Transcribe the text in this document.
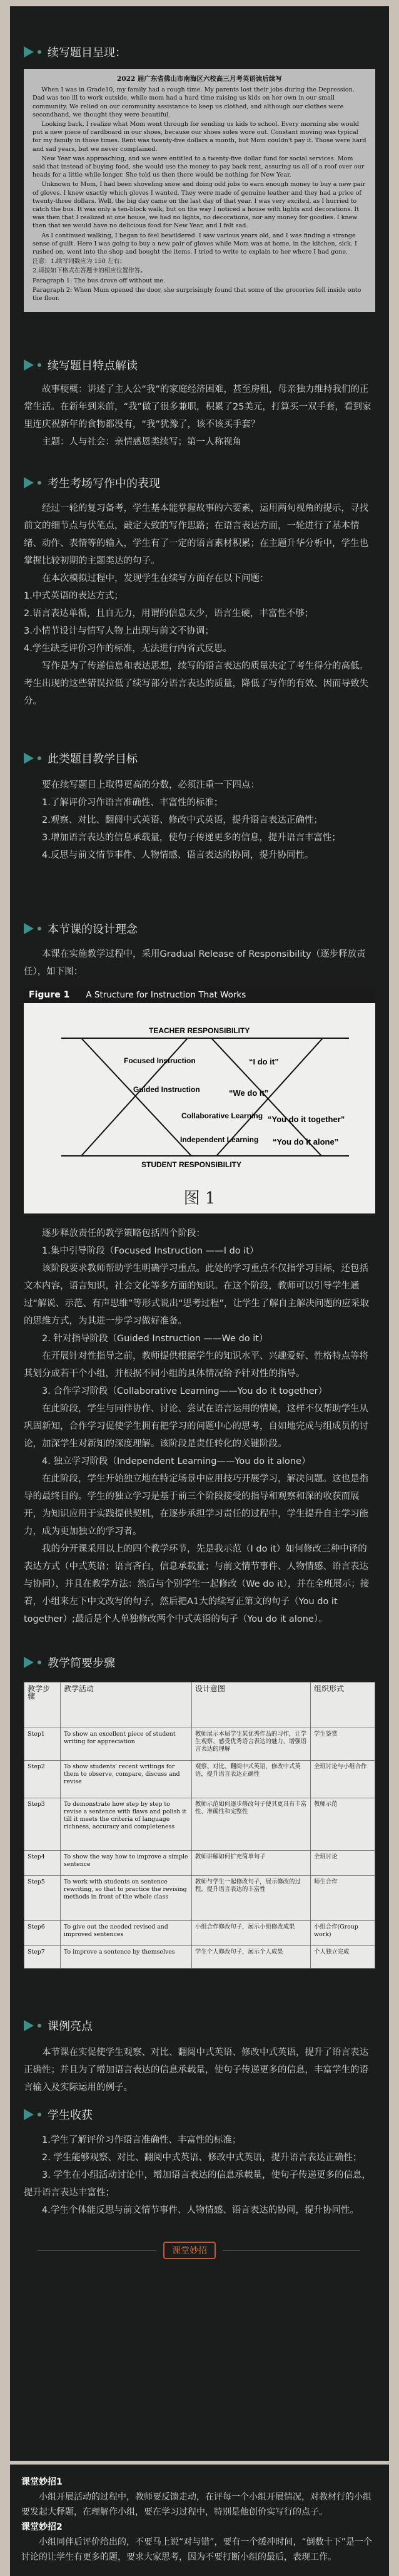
续写题目呈现：
2022 届广东省佛山市南海区六校高三月考英语读后续写

When I was in Grade10, my family had a rough time. My parents lost their jobs during the Depression. Dad was too ill to work outside, while mom had a hard time raising us kids on her own in our small community. We relied on our community assistance to keep us clothed, and although our clothes were secondhand, we thought they were beautiful.

Looking back, I realize what Mom went through for sending us kids to school. Every morning she would put a new piece of cardboard in our shoes, because our shoes soles wore out. Constant moving was typical for my family in those times. Rent was twenty-five dollars a month, but Mom couldn't pay it. Those were hard and sad years, but we never complained.

New Year was approaching, and we were entitled to a twenty-five dollar fund for social services. Mom said that instead of buying food, she would use the money to pay back rent, assuring us all of a roof over our heads for a little while longer. She told us then there would be nothing for New Year.

Unknown to Mom, I had been shoveling snow and doing odd jobs to earn enough money to buy a new pair of gloves. I knew exactly which gloves I wanted. They were made of genuine leather and they had a price of twenty-three dollars. Well, the big day came on the last day of that year. I was very excited, as I hurried to catch the bus. It was only a ten-block walk, but on the way I noticed a house with lights and decorations. It was then that I realized at one house, we had no lights, no decorations, nor any money for goodies. I knew then that we would have no delicious food for New Year, and I felt sad.

As I continued walking, I began to feel bewildered. I saw various years old, and I was finding a strange sense of guilt. Here I was going to buy a new pair of gloves while Mom was at home, in the kitchen, sick. I rushed on, went into the shop and bought the items. I tried to write to explain to her where I had gone.

注意：1.续写词数应为 150 左右；

2.请按如下格式在答题卡的相应位置作答。

Paragraph 1: The bus drove off without me.

Paragraph 2: When Mum opened the door, she surprisingly found that some of the groceries fell inside onto the floor.

续写题目特点解读

故事梗概：讲述了主人公“我”的家庭经济困难，甚至房租，母亲独力维持我们的正常生活。在新年到来前，“我”做了很多兼职，积累了25美元，打算买一双手套，看到家里连庆祝新年的食物都没有，“我”犹豫了，该不该买手套？

主题：人与社会：亲情感恩类续写；第一人称视角

考生考场写作中的表现

经过一轮的复习备考，学生基本能掌握故事的六要素，运用两句视角的提示，寻找前文的细节点与伏笔点，敲定大致的写作思路；在语言表达方面，一轮进行了基本情绪、动作、表情等的输入，学生有了一定的语言素材积累；在主题升华分析中，学生也掌握比较初期的主题类达的句子。

在本次模拟过程中，发现学生在续写方面存在以下问题：

1.中式英语的表达方式；

2.语言表达单循，且自无力，用谓的信息太少，语言生硬，丰富性不够；

3.小情节设计与情写人物上出现与前文不协调；

4.学生缺乏评价习作的标准，无法进行内省式反思。

写作是为了传递信息和表达思想，续写的语言表达的质量决定了考生得分的高低。考生出现的这些错误拉低了续写部分语言表达的质量，降低了写作的有效、因而导致失分。

此类题目教学目标

要在续写题目上取得更高的分数，必须注重一下四点：

1.了解评价习作语言准确性、丰富性的标准；

2.观察、对比、翻阅中式英语、修改中式英语，提升语言表达正确性；

3.增加语言表达的信息承载量，使句子传递更多的信息，提升语言丰富性；

4.反思与前文情节事件、人物情感、语言表达的协同，提升协同性。

本节课的设计理念

本课在实施教学过程中，采用Gradual Release of Responsibility（逐步释放责任），如下图：

Figure 1 A Structure for Instruction That Works
TEACHER RESPONSIBILITY
STUDENT RESPONSIBILITY
Focused Instruction
Guided Instruction
Collaborative Learning
Independent Learning
“I do it”
“We do it”
“You do it together”
“You do it alone”
图 1

逐步释放责任的教学策略包括四个阶段：

1.集中引导阶段（Focused Instruction ——I do it）

该阶段要求教师帮助学生明确学习重点。此处的学习重点不仅指学习目标，还包括文本内容，语言知识，社会文化等多方面的知识。在这个阶段，教师可以引导学生通过“解说、示范、有声思维”等形式说出“思考过程”，让学生了解自主解决问题的应采取的思维方式，为其进一步学习做好准备。

2. 针对指导阶段（Guided Instruction ——We do it）

在开展针对性指导之前，教师提供根据学生的知识水平、兴趣爱好、性格特点等将其划分成若干个小组，并根据不同小组的具体情况给予针对性的指导。

3. 合作学习阶段（Collaborative Learning——You do it together）

在此阶段，学生与同伴协作、讨论、尝试在语言运用的情境，这样不仅帮助学生从巩固新知，合作学习促使学生拥有把学习的问题中心的思考，自如地完成与组成员的讨论，加深学生对新知的深度理解。该阶段是责任转化的关键阶段。

4. 独立学习阶段（Independent Learning——You do it alone）

在此阶段，学生开始独立地在特定场景中应用技巧开展学习，解决问题。这也是指导的最终目的。学生的独立学习是基于前三个阶段接受的指导和观察和深的收获而展开，为知识应用于实践提供契机，在逐步承担学习责任的过程中，学生提升自主学习能力，成为更加独立的学习者。

我的分开课采用以上的四个教学环节，先是我示范（I do it）如何修改三种中译的表达方式（中式英语；语言吝白，信息承载量；与前文情节事件、人物情感、语言表达与协同），并且在教学方法：然后与个别学生一起修改（We do it），并在全班展示；接着，小组来左下中文改写的句子，然后把A1大的续写正第文的句子（You do it together）;最后是个人单独修改两个中式英语的句子（You do it alone）。

教学简要步骤
教学步骤	教学活动	设计意图	组织形式
Step1	To show an excellent piece of student writing for appreciation	教师展示本届学生某优秀作品的习作，让学生观察、感受优秀语言表达的魅力、增强语言表达的理解	学生鉴赏
Step2	To show students' recent writings for them to observe, compare, discuss and revise	观察、对比、翻阅中式英语，修改中式英语，提升语言表达正确性	全班讨论与小组合作
Step3	To demonstrate how step by step to revise a sentence with flaws and polish it till it meets the criteria of language richness, accuracy and completeness	教师示范如何逐步修改句子使其更具有丰富性、准确性和完整性	教师示范
Step4	To show the way how to improve a simple sentence	教师讲解如何扩充简单句子	全班讨论
Step5	To work with students on sentence rewriting, so that to practice the revising methods in front of the whole class	教师与学生一起修改句子，展示修改的过程，提升语言表达的丰富性	师生合作
Step6	To give out the needed revised and improved sentences	小组合作修改句子，展示小组修改成果	小组合作(Group work)
Step7	To improve a sentence by themselves	学生个人修改句子，展示个人成果	个人独立完成
课例亮点

本节课在实促使学生观察、对比、翻阅中式英语、修改中式英语，提升了语言表达正确性；并且为了增加语言表达的信息承载量，使句子传递更多的信息，丰富学生的语言输入及实际运用的例子。

学生收获

1.学生了解评价习作语言准确性、丰富性的标准；

2. 学生能够观察、对比、翻阅中式英语、修改中式英语，提升语言表达正确性；

3. 学生在小组活动讨论中，增加语言表达的信息承载量，使句子传递更多的信息，提升语言表达丰富性；

4.学生个体能反思与前文情节事件、人物情感、语言表达的协同，提升协同性。

课堂妙招
课堂妙招1

小组开展活动的过程中，教师要反馈走动，在评每一个小组开展情况，对教材行的小组要发起大释题，在理解作小组，要在学习过程中，特别是他创价实写行的点子。

课堂妙招2

小组同伴后评价给出的，不要马上说“对与错”，要有一个缓冲时间，“倒数十下”是一个讨论的让学生有更多的题，要求大家思考，因为不要打断小组的最后，表现工作。
